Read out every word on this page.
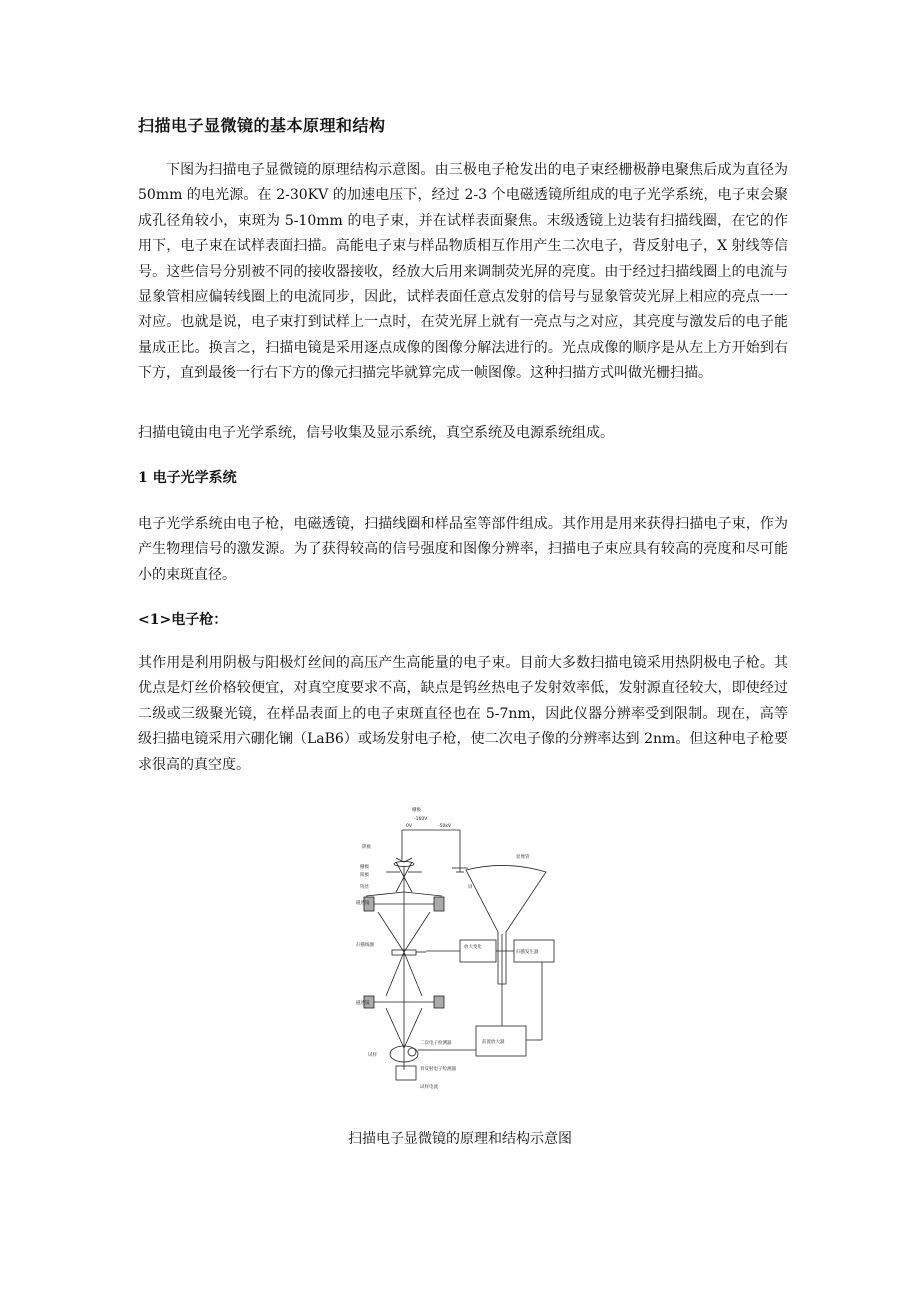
扫描电子显微镜的基本原理和结构

下图为扫描电子显微镜的原理结构示意图。由三极电子枪发出的电子束经栅极静电聚焦后成为直径为 50mm 的电光源。在 2-30KV 的加速电压下，经过 2-3 个电磁透镜所组成的电子光学系统，电子束会聚成孔径角较小，束斑为 5-10mm 的电子束，并在试样表面聚焦。末级透镜上边装有扫描线圈，在它的作用下，电子束在试样表面扫描。高能电子束与样品物质相互作用产生二次电子，背反射电子，X 射线等信号。这些信号分别被不同的接收器接收，经放大后用来调制荧光屏的亮度。由于经过扫描线圈上的电流与显象管相应偏转线圈上的电流同步，因此，试样表面任意点发射的信号与显象管荧光屏上相应的亮点一一对应。也就是说，电子束打到试样上一点时，在荧光屏上就有一亮点与之对应，其亮度与激发后的电子能量成正比。换言之，扫描电镜是采用逐点成像的图像分解法进行的。光点成像的顺序是从左上方开始到右下方，直到最後一行右下方的像元扫描完毕就算完成一帧图像。这种扫描方式叫做光栅扫描。

扫描电镜由电子光学系统，信号收集及显示系统，真空系统及电源系统组成。

1 电子光学系统

电子光学系统由电子枪，电磁透镜，扫描线圈和样品室等部件组成。其作用是用来获得扫描电子束，作为产生物理信号的激发源。为了获得较高的信号强度和图像分辨率，扫描电子束应具有较高的亮度和尽可能小的束斑直径。

<1>电子枪：

其作用是利用阴极与阳极灯丝间的高压产生高能量的电子束。目前大多数扫描电镜采用热阴极电子枪。其优点是灯丝价格较便宜，对真空度要求不高，缺点是钨丝热电子发射效率低，发射源直径较大，即使经过二级或三级聚光镜，在样品表面上的电子束斑直径也在 5-7nm，因此仪器分辨率受到限制。现在，高等级扫描电镜采用六硼化镧（LaB6）或场发射电子枪，使二次电子像的分辨率达到 2nm。但这种电子枪要求很高的真空度。

栅极
-160V
0V	-50kV
阴极
栅极
阳极
钨丝
磁透镜
扫描线圈
磁透镜
试样
二次电子检测器
背反射电子检测器
试样电流
显像管
屏
放大变化
扫描发生器
前置放大器

扫描电子显微镜的原理和结构示意图
